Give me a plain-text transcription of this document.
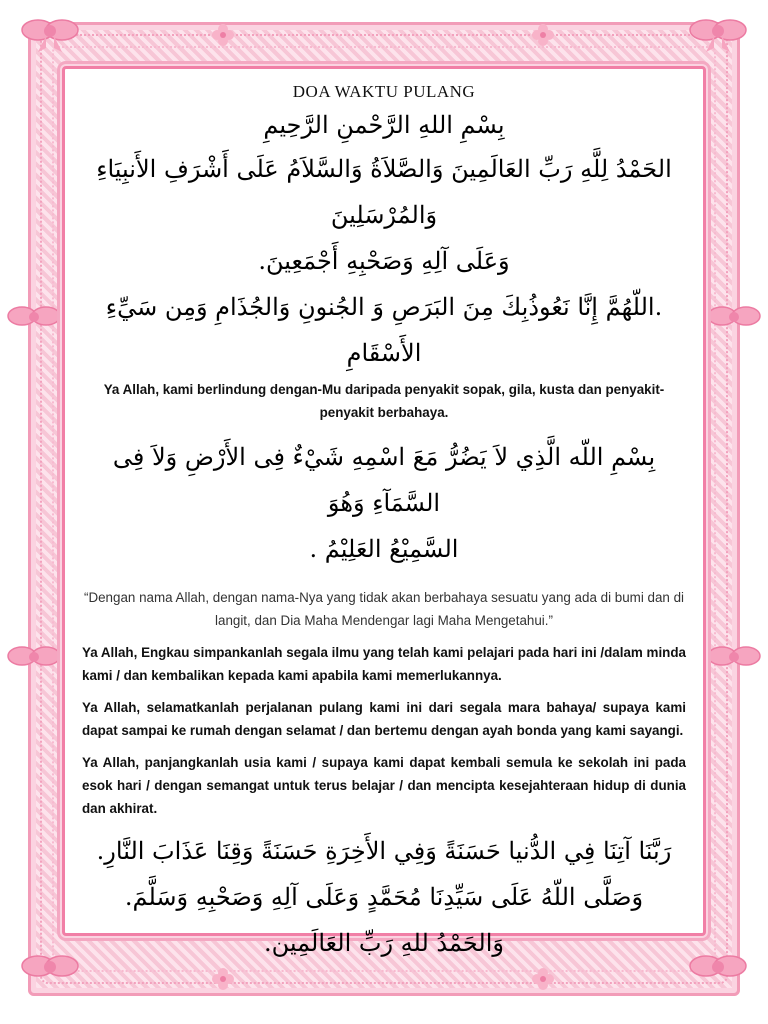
DOA WAKTU PULANG
بِسْمِ اللهِ الرَّحْمنِ الرَّحِيمِ
الحَمْدُ لِلَّهِ رَبِّ العَالَمِينَ وَالصَّلاَةُ وَالسَّلاَمُ عَلَى أَشْرَفِ الأَنبِيَاءِ وَالمُرْسَلِينَ
وَعَلَى آلِهِ وَصَحْبِهِ أَجْمَعِينَ.
.اللّهُمَّ إِنَّا نَعُوذُبِكَ مِنَ البَرَصِ وَ الجُنونِ وَالجُذَامِ وَمِن سَيِّءِ الأَسْقَامِ
Ya Allah, kami berlindung dengan-Mu daripada penyakit sopak, gila, kusta dan penyakit-penyakit berbahaya.
بِسْمِ اللّه الَّذِي لاَ يَضُرُّ مَعَ اسْمِهِ شَيْءٌ فِى الأَرْضِ وَلاَ فِى السَّمَآءِ وَهُوَ
السَّمِيْعُ العَلِيْمُ .
“Dengan nama Allah, dengan nama-Nya yang tidak akan berbahaya sesuatu yang ada di bumi dan di langit, dan Dia Maha Mendengar lagi Maha Mengetahui.”
Ya Allah, Engkau simpankanlah segala ilmu yang telah kami pelajari pada hari ini /dalam minda kami / dan kembalikan kepada kami apabila kami memerlukannya.
Ya Allah, selamatkanlah perjalanan pulang kami ini dari segala mara bahaya/ supaya kami dapat sampai ke rumah dengan selamat / dan bertemu dengan ayah bonda yang kami sayangi.
Ya Allah, panjangkanlah usia kami / supaya kami dapat kembali semula ke sekolah ini pada esok hari / dengan semangat untuk terus belajar / dan mencipta kesejahteraan hidup di dunia dan akhirat.
رَبَّنَا آتِنَا فِي الدُّنيا حَسَنَةً وَفِي الأَخِرَةِ حَسَنَةً وَقِنَا عَذَابَ النَّارِ.
وَصَلَّى اللّهُ عَلَى سَيِّدِنَا مُحَمَّدٍ وَعَلَى آلِهِ وَصَحْبِهِ وَسَلَّمَ.
وَالحَمْدُ للهِ رَبِّ العَالَمِين.
